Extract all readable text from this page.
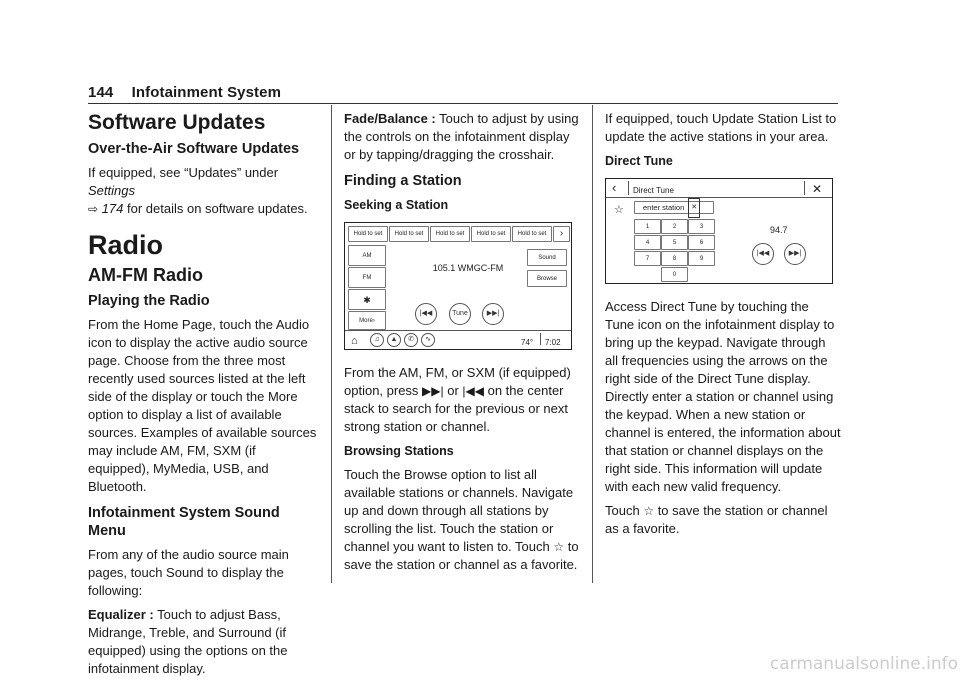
144 Infotainment System
Software Updates
Over-the-Air Software Updates

If equipped, see “Updates” under Settings
⇨ 174 for details on software updates.

Radio
AM-FM Radio
Playing the Radio

From the Home Page, touch the Audio icon to display the active audio source page. Choose from the three most recently used sources listed at the left side of the display or touch the More option to display a list of available sources. Examples of available sources may include AM, FM, SXM (if equipped), MyMedia, USB, and Bluetooth.

Infotainment System Sound Menu

From any of the audio source main pages, touch Sound to display the following:

Equalizer : Touch to adjust Bass, Midrange, Treble, and Surround (if equipped) using the options on the infotainment display.

Fade/Balance : Touch to adjust by using the controls on the infotainment display or by tapping/dragging the crosshair.

Finding a Station
Seeking a Station
Hold to set	Hold to set	Hold to set	Hold to set	Hold to set	›
AM
FM
✱
More ›
105.1 WMGC-FM
Sound
Browse
|◀◀	Tune	▶▶|
⌂	♫	▲	✆	∿	74° 7:02

From the AM, FM, or SXM (if equipped) option, press ▶▶| or |◀◀ on the center stack to search for the previous or next strong station or channel.

Browsing Stations

Touch the Browse option to list all available stations or channels. Navigate up and down through all stations by scrolling the list. Touch the station or channel you want to listen to. Touch ☆ to save the station or channel as a favorite.

If equipped, touch Update Station List to update the active stations in your area.

Direct Tune
‹ Direct Tune	✕
☆	enter station	✕
1	2	3
4	5	6
7	8	9
0
94.7
|◀◀	▶▶|

Access Direct Tune by touching the Tune icon on the infotainment display to bring up the keypad. Navigate through all frequencies using the arrows on the right side of the Direct Tune display. Directly enter a station or channel using the keypad. When a new station or channel is entered, the information about that station or channel displays on the right side. This information will update with each new valid frequency.

Touch ☆ to save the station or channel as a favorite.

carmanualsonline.info
